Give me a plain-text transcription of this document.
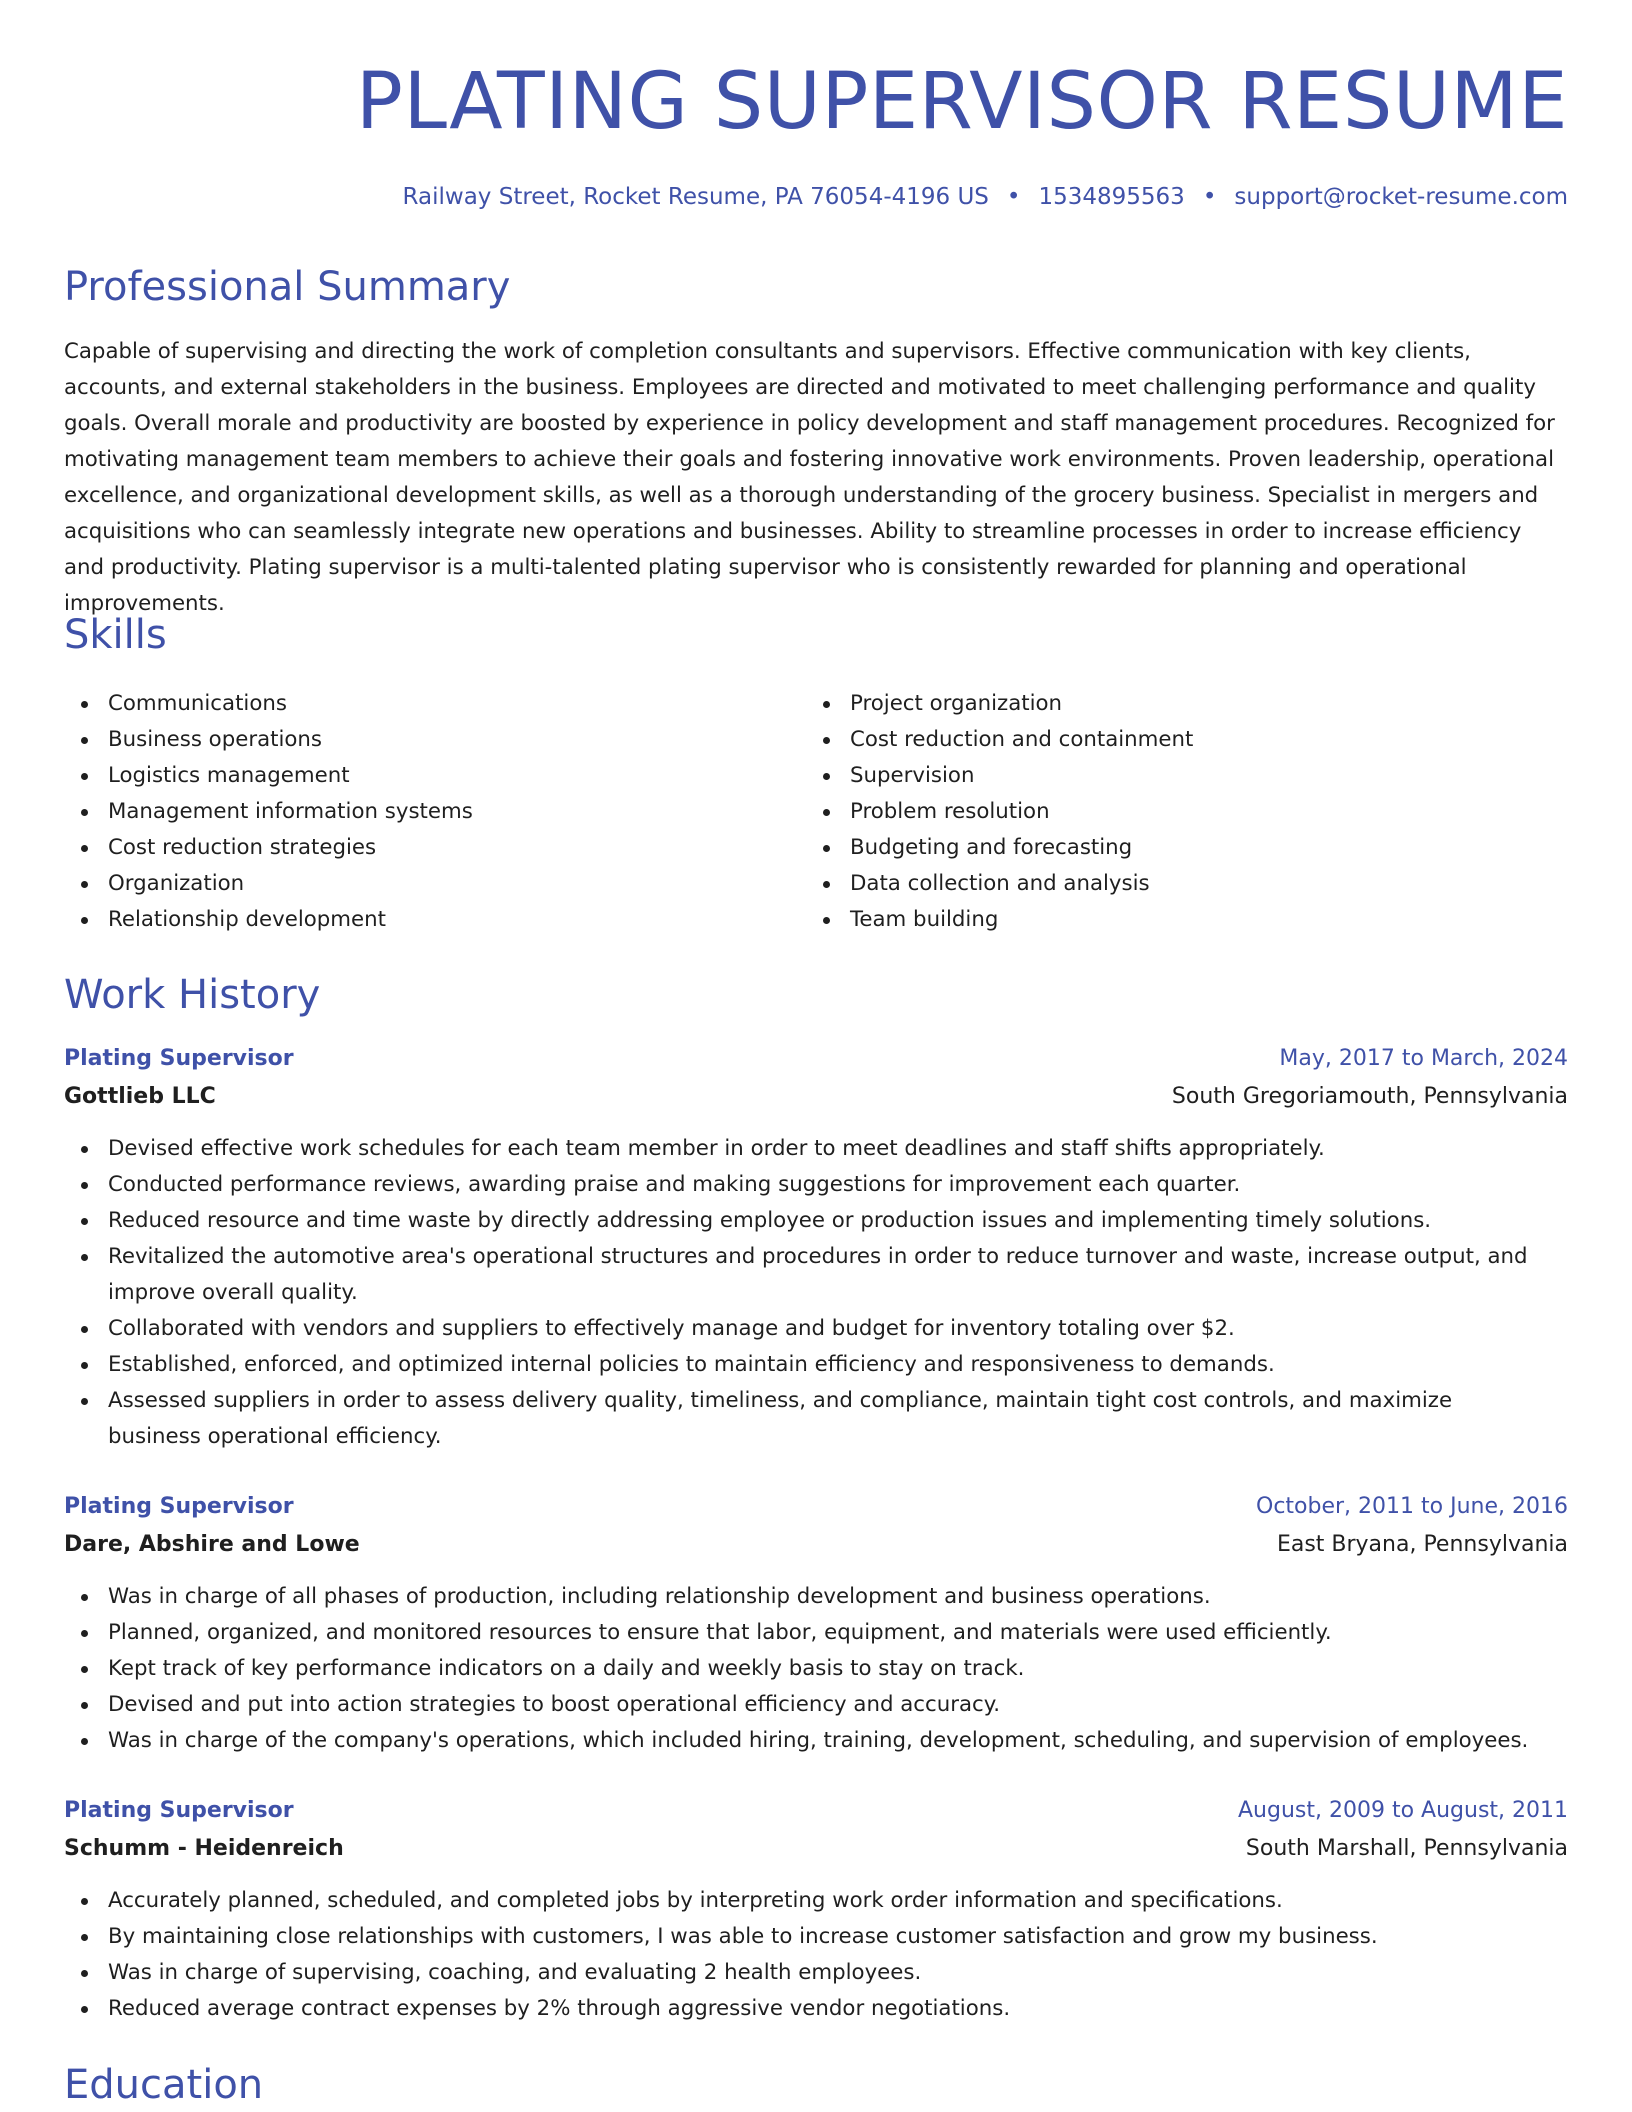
PLATING SUPERVISOR RESUME
Railway Street, Rocket Resume, PA 76054-4196 US • 1534895563 • support@rocket-resume.com
Professional Summary

Capable of supervising and directing the work of completion consultants and supervisors. Effective communication with key clients, accounts, and external stakeholders in the business. Employees are directed and motivated to meet challenging performance and quality goals. Overall morale and productivity are boosted by experience in policy development and staff management procedures. Recognized for motivating management team members to achieve their goals and fostering innovative work environments. Proven leadership, operational excellence, and organizational development skills, as well as a thorough understanding of the grocery business. Specialist in mergers and acquisitions who can seamlessly integrate new operations and businesses. Ability to streamline processes in order to increase efficiency and productivity. Plating supervisor is a multi-talented plating supervisor who is consistently rewarded for planning and operational improvements.

Skills
Communications
Business operations
Logistics management
Management information systems
Cost reduction strategies
Organization
Relationship development
Project organization
Cost reduction and containment
Supervision
Problem resolution
Budgeting and forecasting
Data collection and analysis
Team building
Work History
Plating Supervisor	May, 2017 to March, 2024
Gottlieb LLC	South Gregoriamouth, Pennsylvania
Devised effective work schedules for each team member in order to meet deadlines and staff shifts appropriately.
Conducted performance reviews, awarding praise and making suggestions for improvement each quarter.
Reduced resource and time waste by directly addressing employee or production issues and implementing timely solutions.
Revitalized the automotive area's operational structures and procedures in order to reduce turnover and waste, increase output, and improve overall quality.
Collaborated with vendors and suppliers to effectively manage and budget for inventory totaling over $2.
Established, enforced, and optimized internal policies to maintain efficiency and responsiveness to demands.
Assessed suppliers in order to assess delivery quality, timeliness, and compliance, maintain tight cost controls, and maximize business operational efficiency.
Plating Supervisor	October, 2011 to June, 2016
Dare, Abshire and Lowe	East Bryana, Pennsylvania
Was in charge of all phases of production, including relationship development and business operations.
Planned, organized, and monitored resources to ensure that labor, equipment, and materials were used efficiently.
Kept track of key performance indicators on a daily and weekly basis to stay on track.
Devised and put into action strategies to boost operational efficiency and accuracy.
Was in charge of the company's operations, which included hiring, training, development, scheduling, and supervision of employees.
Plating Supervisor	August, 2009 to August, 2011
Schumm - Heidenreich	South Marshall, Pennsylvania
Accurately planned, scheduled, and completed jobs by interpreting work order information and specifications.
By maintaining close relationships with customers, I was able to increase customer satisfaction and grow my business.
Was in charge of supervising, coaching, and evaluating 2 health employees.
Reduced average contract expenses by 2% through aggressive vendor negotiations.
Education
